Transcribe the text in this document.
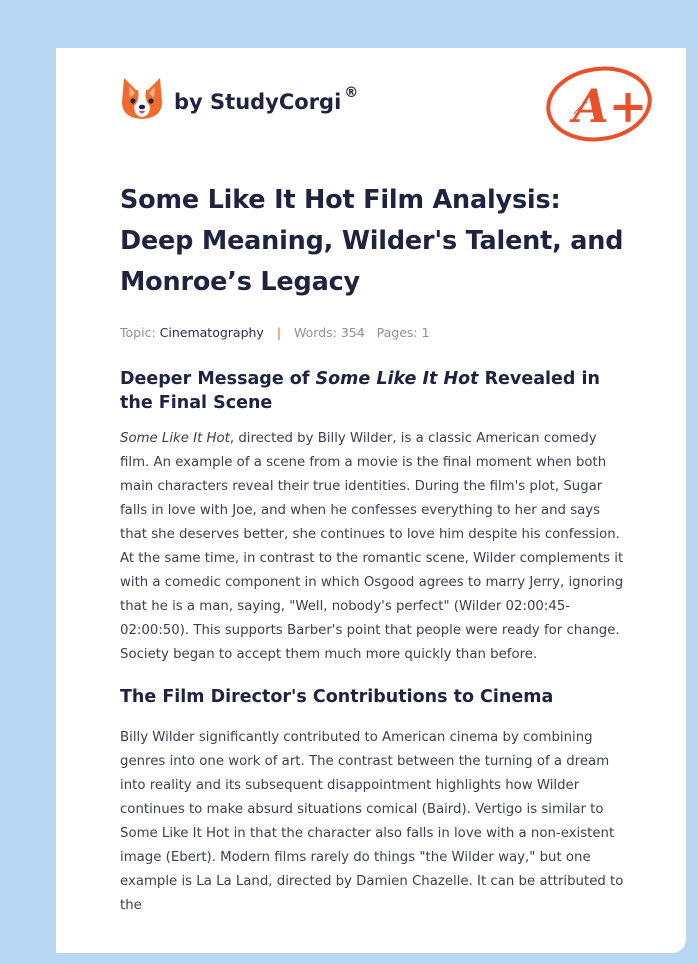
by StudyCorgi ®	A+
Some Like It Hot Film Analysis: Deep Meaning, Wilder's Talent, and Monroe’s Legacy
Topic: Cinematography | Words: 354 Pages: 1
Deeper Message of Some Like It Hot Revealed in the Final Scene

Some Like It Hot, directed by Billy Wilder, is a classic American comedy film. An example of a scene from a movie is the final moment when both main characters reveal their true identities. During the film's plot, Sugar falls in love with Joe, and when he confesses everything to her and says that she deserves better, she continues to love him despite his confession. At the same time, in contrast to the romantic scene, Wilder complements it with a comedic component in which Osgood agrees to marry Jerry, ignoring that he is a man, saying, "Well, nobody's perfect" (Wilder 02:00:45-02:00:50). This supports Barber's point that people were ready for change. Society began to accept them much more quickly than before.

The Film Director's Contributions to Cinema

Billy Wilder significantly contributed to American cinema by combining genres into one work of art. The contrast between the turning of a dream into reality and its subsequent disappointment highlights how Wilder continues to make absurd situations comical (Baird). Vertigo is similar to Some Like It Hot in that the character also falls in love with a non-existent image (Ebert). Modern films rarely do things "the Wilder way," but one example is La La Land, directed by Damien Chazelle. It can be attributed to the
